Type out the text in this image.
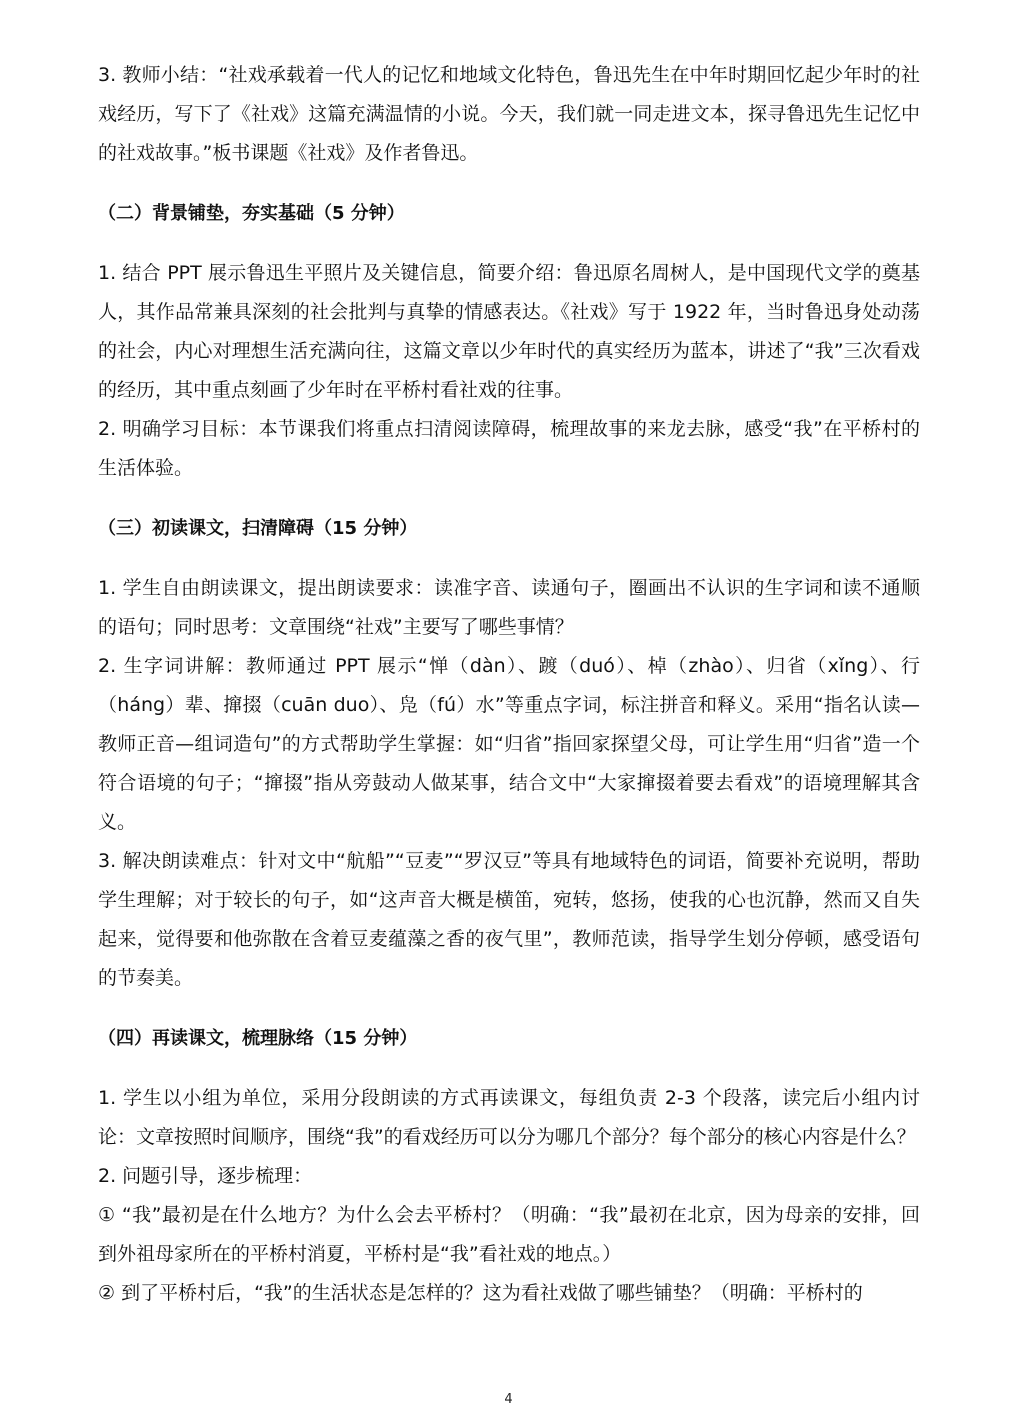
3. 教师小结：“社戏承载着一代人的记忆和地域文化特色，鲁迅先生在中年时期回忆起少年时的社戏经历，写下了《社戏》这篇充满温情的小说。今天，我们就一同走进文本，探寻鲁迅先生记忆中的社戏故事。”板书课题《社戏》及作者鲁迅。

（二）背景铺垫，夯实基础（5 分钟）

1. 结合 PPT 展示鲁迅生平照片及关键信息，简要介绍：鲁迅原名周树人，是中国现代文学的奠基人，其作品常兼具深刻的社会批判与真挚的情感表达。《社戏》写于 1922 年，当时鲁迅身处动荡的社会，内心对理想生活充满向往，这篇文章以少年时代的真实经历为蓝本，讲述了“我”三次看戏的经历，其中重点刻画了少年时在平桥村看社戏的往事。

2. 明确学习目标：本节课我们将重点扫清阅读障碍，梳理故事的来龙去脉，感受“我”在平桥村的生活体验。

（三）初读课文，扫清障碍（15 分钟）

1. 学生自由朗读课文，提出朗读要求：读准字音、读通句子，圈画出不认识的生字词和读不通顺的语句；同时思考：文章围绕“社戏”主要写了哪些事情？

2. 生字词讲解：教师通过 PPT 展示“惮（dàn）、踱（duó）、棹（zhào）、归省（xǐng）、行（háng）辈、撺掇（cuān duo）、凫（fú）水”等重点字词，标注拼音和释义。采用“指名认读—教师正音—组词造句”的方式帮助学生掌握：如“归省”指回家探望父母，可让学生用“归省”造一个符合语境的句子；“撺掇”指从旁鼓动人做某事，结合文中“大家撺掇着要去看戏”的语境理解其含义。

3. 解决朗读难点：针对文中“航船”“豆麦”“罗汉豆”等具有地域特色的词语，简要补充说明，帮助学生理解；对于较长的句子，如“这声音大概是横笛，宛转，悠扬，使我的心也沉静，然而又自失起来，觉得要和他弥散在含着豆麦蕴藻之香的夜气里”，教师范读，指导学生划分停顿，感受语句的节奏美。

（四）再读课文，梳理脉络（15 分钟）

1. 学生以小组为单位，采用分段朗读的方式再读课文，每组负责 2-3 个段落，读完后小组内讨论：文章按照时间顺序，围绕“我”的看戏经历可以分为哪几个部分？每个部分的核心内容是什么？

2. 问题引导，逐步梳理：

① “我”最初是在什么地方？为什么会去平桥村？（明确：“我”最初在北京，因为母亲的安排，回到外祖母家所在的平桥村消夏，平桥村是“我”看社戏的地点。）

② 到了平桥村后，“我”的生活状态是怎样的？这为看社戏做了哪些铺垫？（明确：平桥村的

4
